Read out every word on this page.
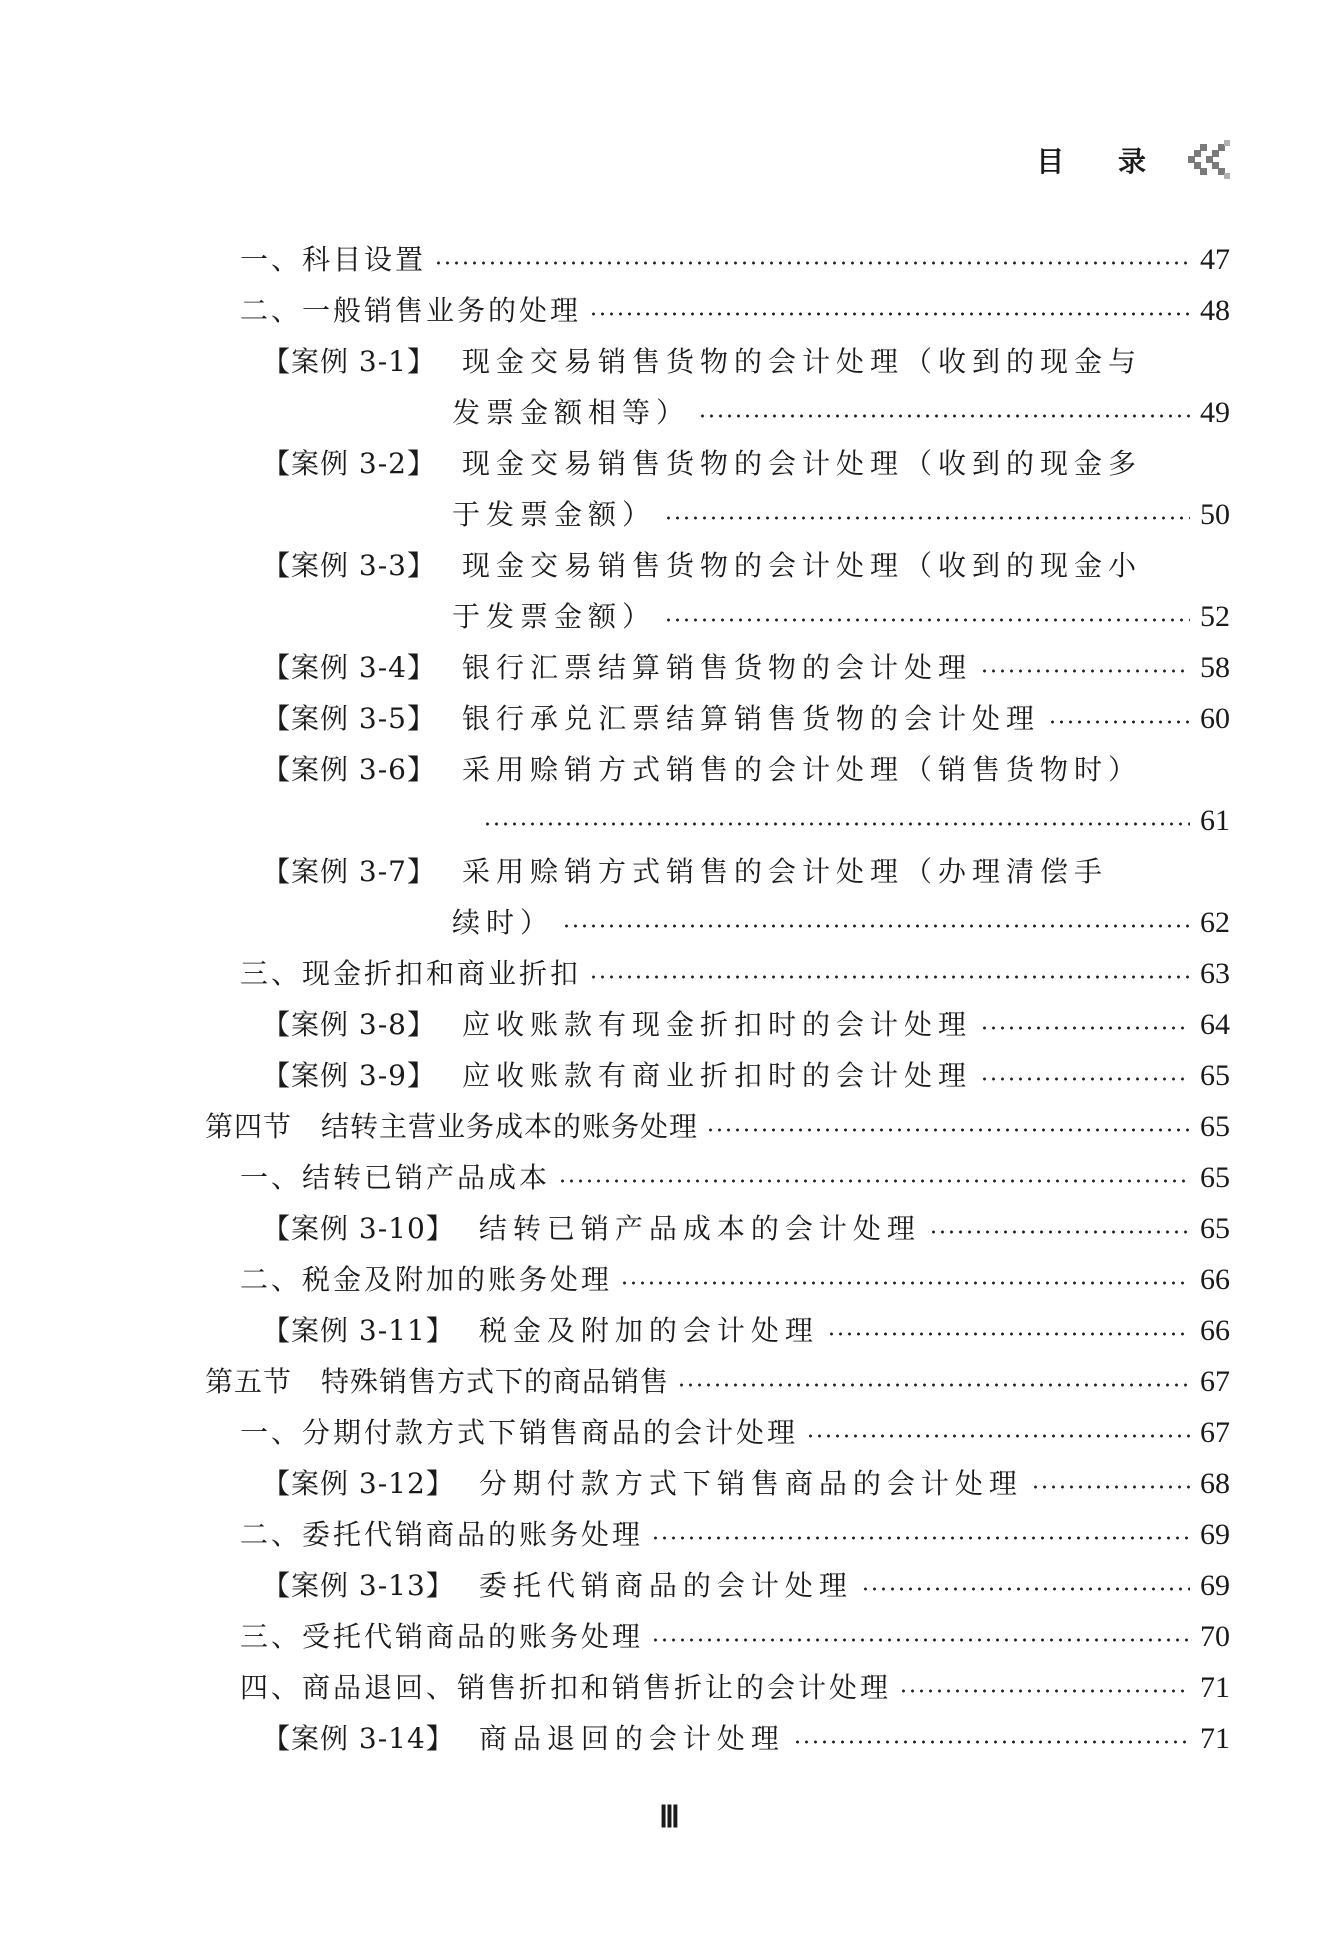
目 录
一、科目设置	47
二、一般销售业务的处理	48
【案例 3-1】 现金交易销售货物的会计处理（收到的现金与
发票金额相等）	49
【案例 3-2】 现金交易销售货物的会计处理（收到的现金多
于发票金额）	50
【案例 3-3】 现金交易销售货物的会计处理（收到的现金小
于发票金额）	52
【案例 3-4】 银行汇票结算销售货物的会计处理	58
【案例 3-5】 银行承兑汇票结算销售货物的会计处理	60
【案例 3-6】 采用赊销方式销售的会计处理（销售货物时）
61
【案例 3-7】 采用赊销方式销售的会计处理（办理清偿手
续时）	62
三、现金折扣和商业折扣	63
【案例 3-8】 应收账款有现金折扣时的会计处理	64
【案例 3-9】 应收账款有商业折扣时的会计处理	65
第四节　结转主营业务成本的账务处理	65
一、结转已销产品成本	65
【案例 3-10】 结转已销产品成本的会计处理	65
二、税金及附加的账务处理	66
【案例 3-11】 税金及附加的会计处理	66
第五节　特殊销售方式下的商品销售	67
一、分期付款方式下销售商品的会计处理	67
【案例 3-12】 分期付款方式下销售商品的会计处理	68
二、委托代销商品的账务处理	69
【案例 3-13】 委托代销商品的会计处理	69
三、受托代销商品的账务处理	70
四、商品退回、销售折扣和销售折让的会计处理	71
【案例 3-14】 商品退回的会计处理	71
Ⅲ
